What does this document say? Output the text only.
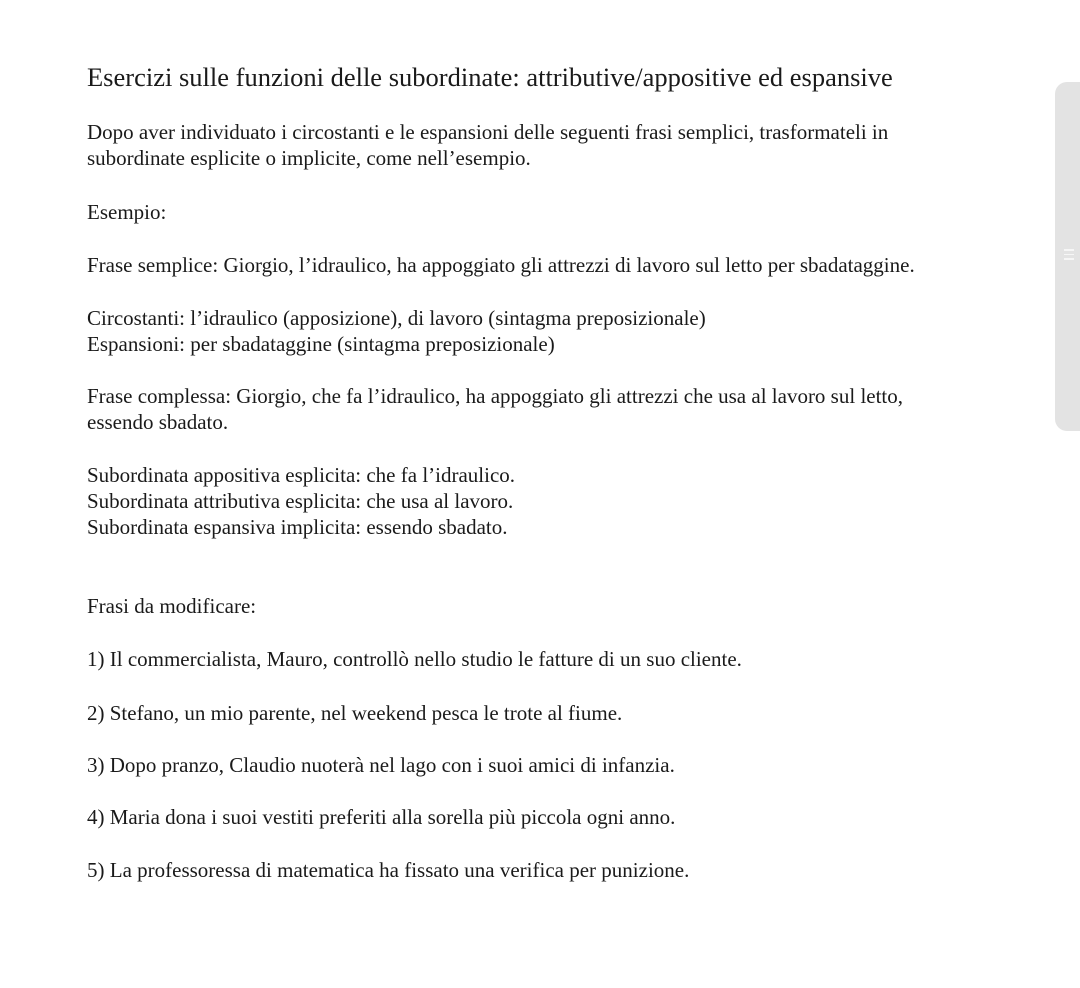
Esercizi sulle funzioni delle subordinate: attributive/appositive ed espansive

Dopo aver individuato i circostanti e le espansioni delle seguenti frasi semplici, trasformateli in

subordinate esplicite o implicite, come nell’esempio.

Esempio:

Frase semplice: Giorgio, l’idraulico, ha appoggiato gli attrezzi di lavoro sul letto per sbadataggine.

Circostanti: l’idraulico (apposizione), di lavoro (sintagma preposizionale)

Espansioni: per sbadataggine (sintagma preposizionale)

Frase complessa: Giorgio, che fa l’idraulico, ha appoggiato gli attrezzi che usa al lavoro sul letto,

essendo sbadato.

Subordinata appositiva esplicita: che fa l’idraulico.

Subordinata attributiva esplicita: che usa al lavoro.

Subordinata espansiva implicita: essendo sbadato.

Frasi da modificare:

1) Il commercialista, Mauro, controllò nello studio le fatture di un suo cliente.

2) Stefano, un mio parente, nel weekend pesca le trote al fiume.

3) Dopo pranzo, Claudio nuoterà nel lago con i suoi amici di infanzia.

4) Maria dona i suoi vestiti preferiti alla sorella più piccola ogni anno.

5) La professoressa di matematica ha fissato una verifica per punizione.
